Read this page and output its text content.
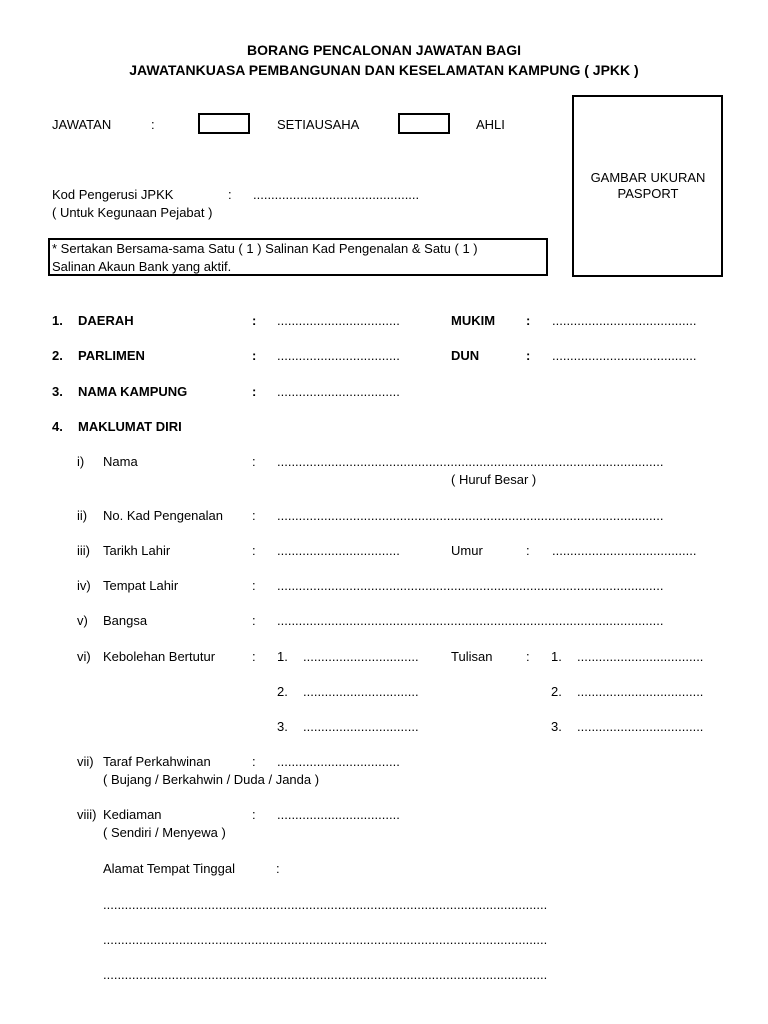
BORANG PENCALONAN JAWATAN BAGI
JAWATANKUASA PEMBANGUNAN DAN KESELAMATAN KAMPUNG ( JPKK )
JAWATAN	:	SETIAUSAHA	AHLI
GAMBAR UKURAN
PASPORT
Kod Pengerusi JPKK	: ..............................................
( Untuk Kegunaan Pejabat )
* Sertakan Bersama-sama Satu ( 1 ) Salinan Kad Pengenalan & Satu ( 1 )
Salinan Akaun Bank yang aktif.
1. DAERAH	: ..................................	MUKIM : ........................................
2. PARLIMEN	: ..................................	DUN	: ........................................
3. NAMA KAMPUNG	: ..................................
4. MAKLUMAT DIRI
i) Nama	: ...........................................................................................................
( Huruf Besar )
ii) No. Kad Pengenalan : ...........................................................................................................
iii) Tarikh Lahir	: ..................................	Umur	: ........................................
iv) Tempat Lahir	: ...........................................................................................................
v) Bangsa	: ...........................................................................................................
vi) Kebolehan Bertutur	:	Tulisan	:
1. ................................	1. ...................................
2. ................................	2. ...................................
3. ................................	3. ...................................
vii) Taraf Perkahwinan	: ..................................
( Bujang / Berkahwin / Duda / Janda )
viii) Kediaman	: ..................................
( Sendiri / Menyewa )
Alamat Tempat Tinggal	:
...........................................................................................................................
...........................................................................................................................
...........................................................................................................................
